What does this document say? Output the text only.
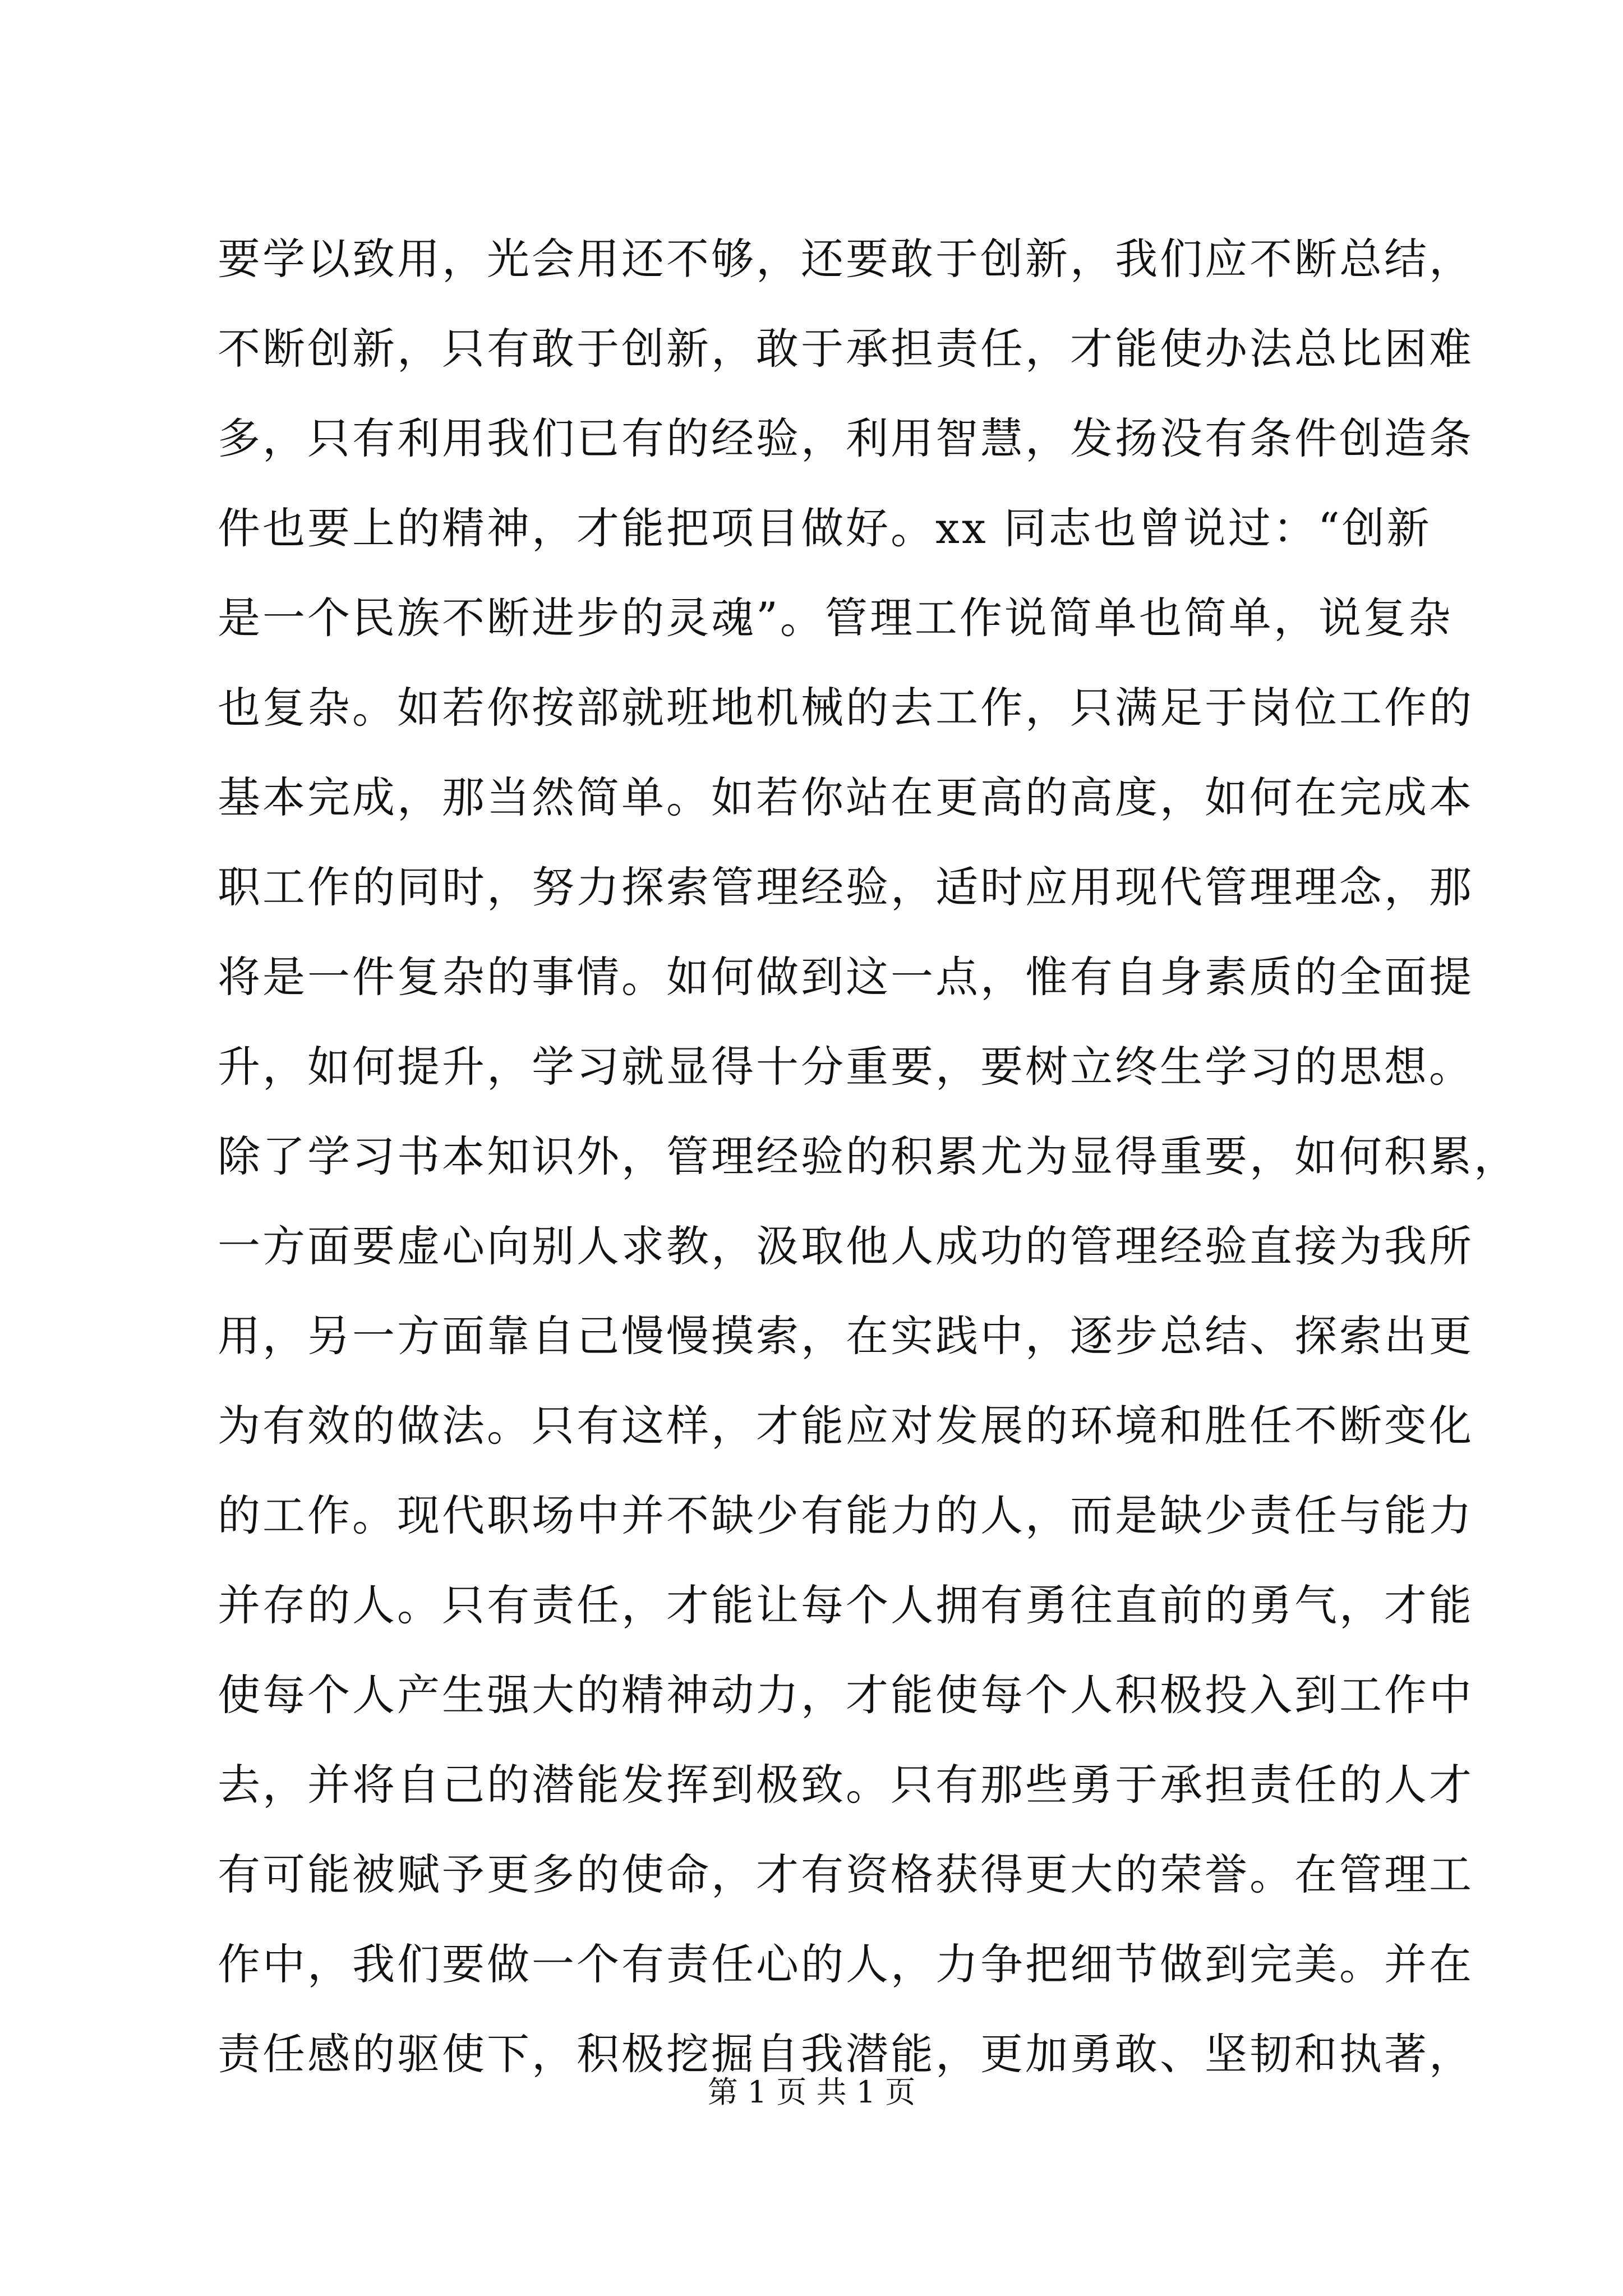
要学以致用，光会用还不够，还要敢于创新，我们应不断总结，
不断创新，只有敢于创新，敢于承担责任，才能使办法总比困难
多，只有利用我们已有的经验，利用智慧，发扬没有条件创造条
件也要上的精神，才能把项目做好。xx 同志也曾说过：“创新
是一个民族不断进步的灵魂”。管理工作说简单也简单，说复杂
也复杂。如若你按部就班地机械的去工作，只满足于岗位工作的
基本完成，那当然简单。如若你站在更高的高度，如何在完成本
职工作的同时，努力探索管理经验，适时应用现代管理理念，那
将是一件复杂的事情。如何做到这一点，惟有自身素质的全面提
升，如何提升，学习就显得十分重要，要树立终生学习的思想。
除了学习书本知识外，管理经验的积累尤为显得重要，如何积累，
一方面要虚心向别人求教，汲取他人成功的管理经验直接为我所
用，另一方面靠自己慢慢摸索，在实践中，逐步总结、探索出更
为有效的做法。只有这样，才能应对发展的环境和胜任不断变化
的工作。现代职场中并不缺少有能力的人，而是缺少责任与能力
并存的人。只有责任，才能让每个人拥有勇往直前的勇气，才能
使每个人产生强大的精神动力，才能使每个人积极投入到工作中
去，并将自己的潜能发挥到极致。只有那些勇于承担责任的人才
有可能被赋予更多的使命，才有资格获得更大的荣誉。在管理工
作中，我们要做一个有责任心的人，力争把细节做到完美。并在
责任感的驱使下，积极挖掘自我潜能，更加勇敢、坚韧和执著，
第 1 页 共 1 页
